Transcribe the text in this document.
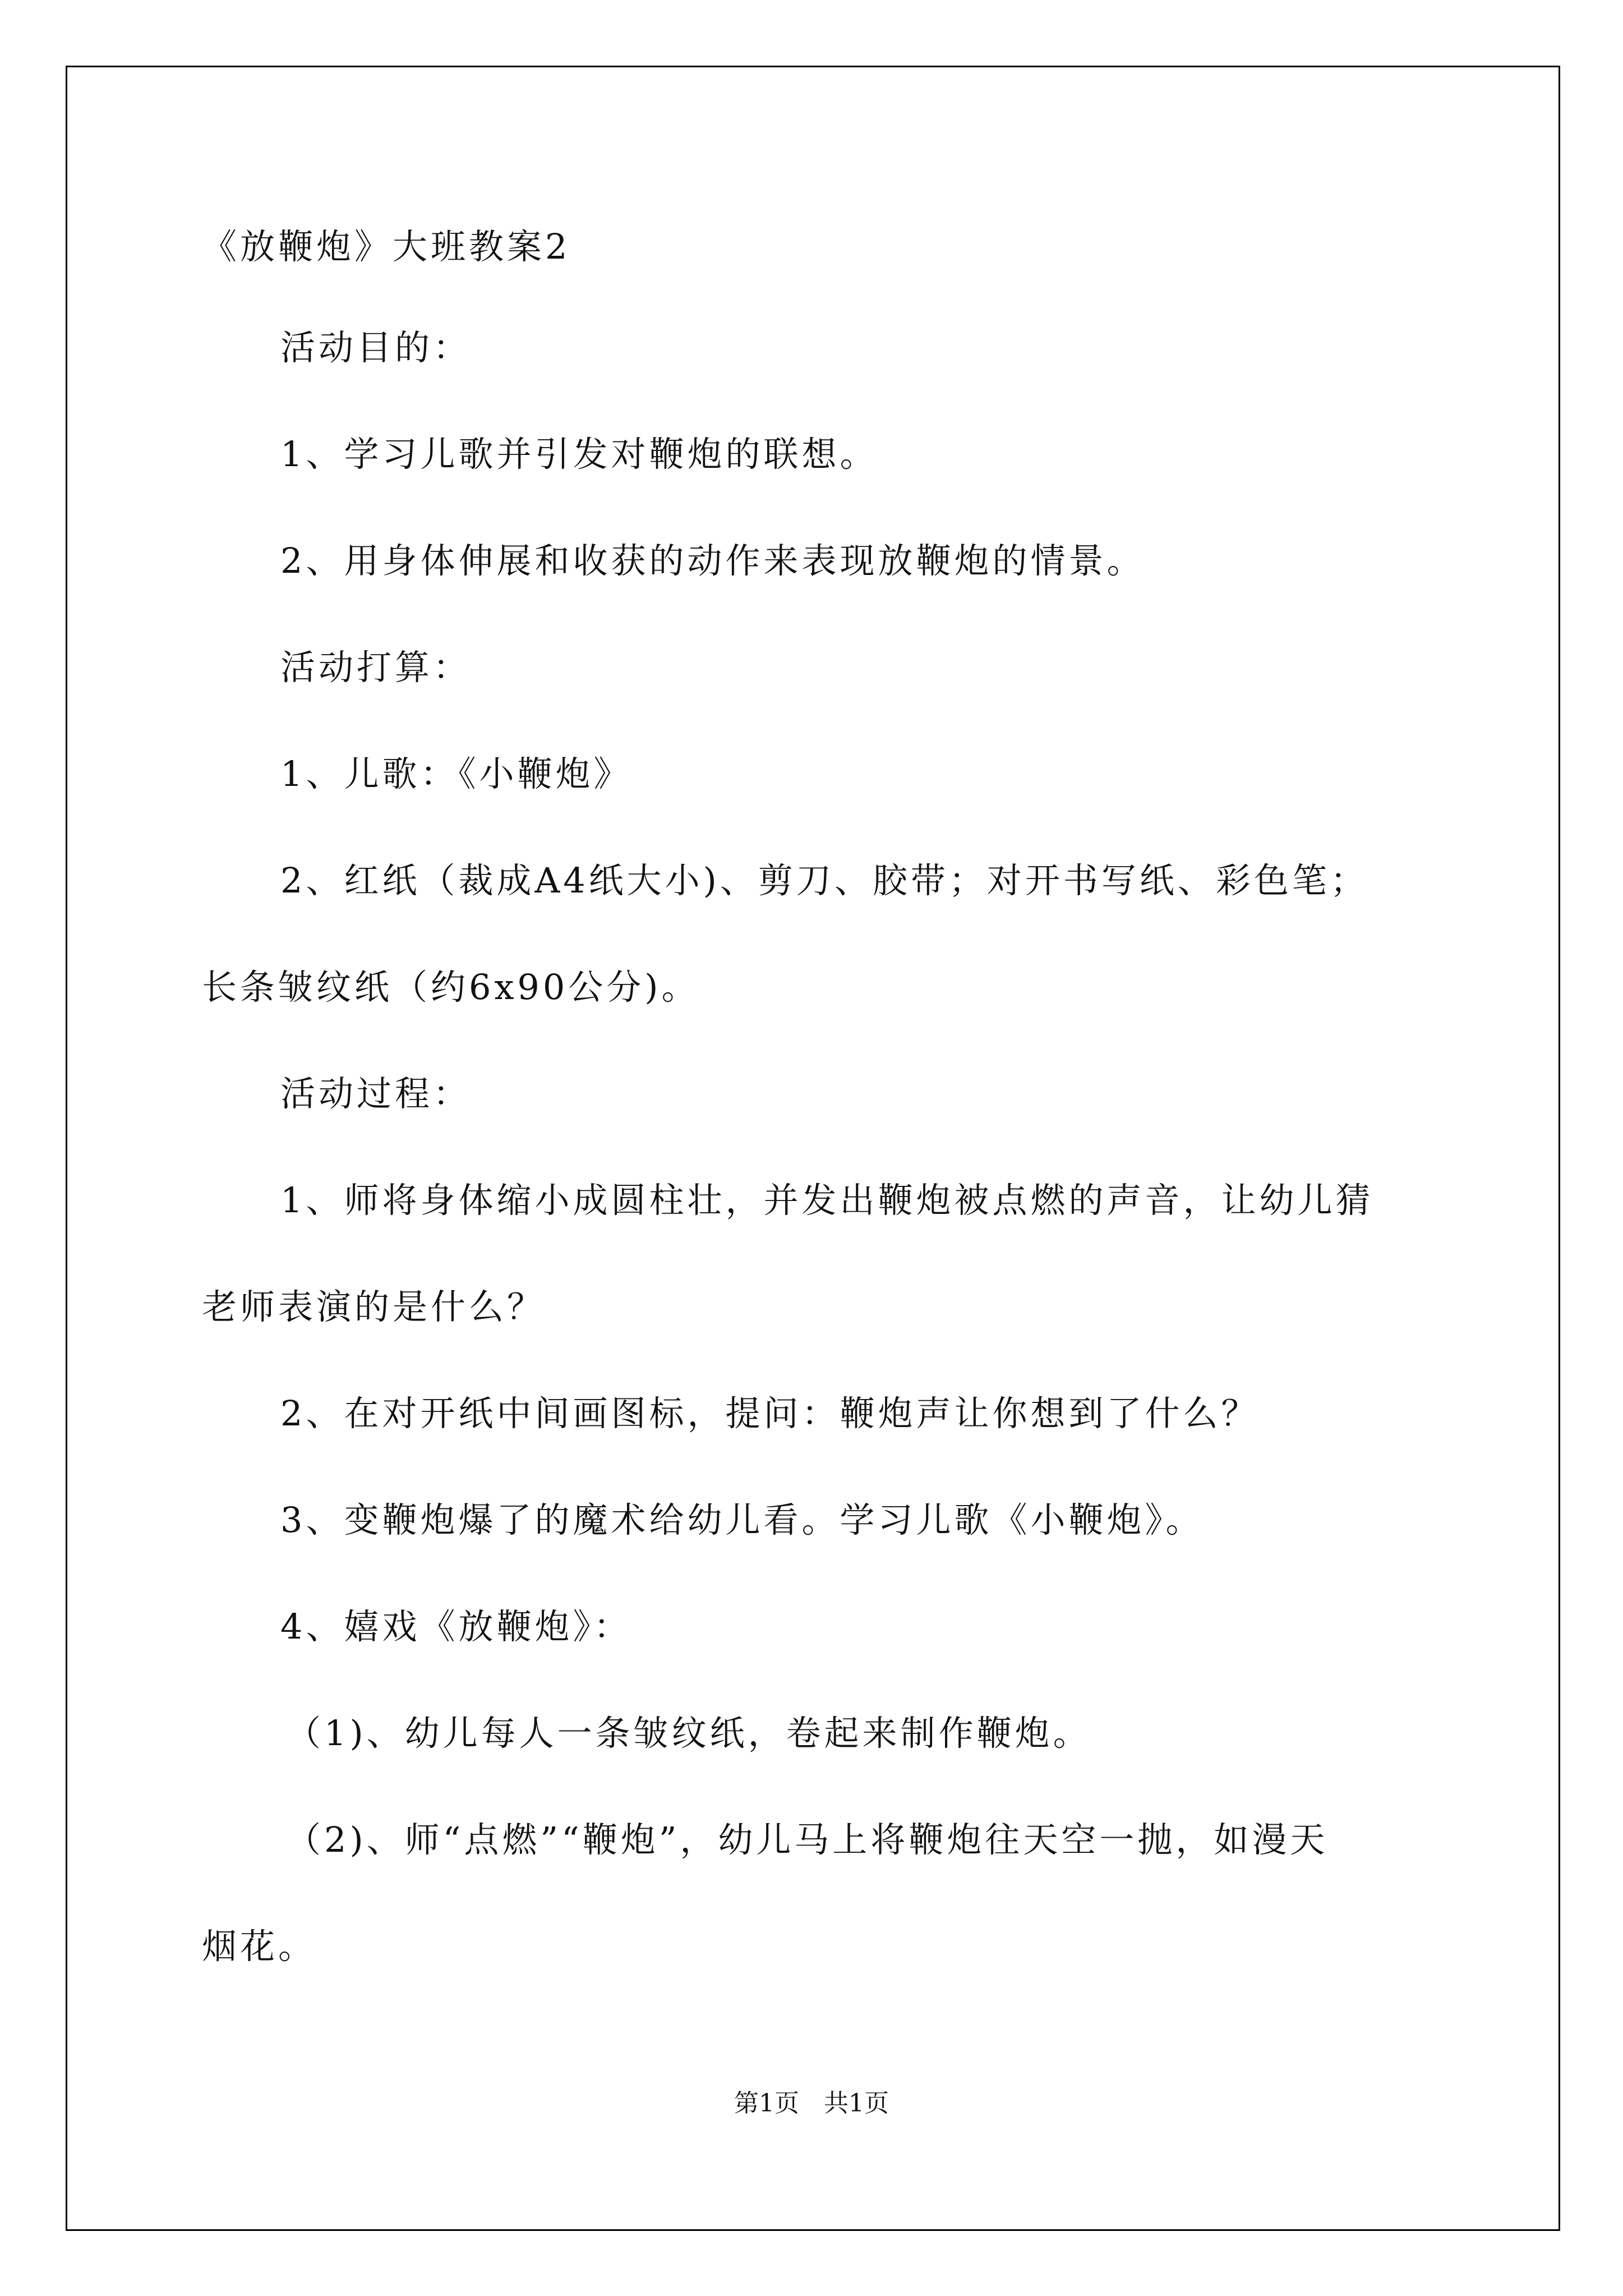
《放鞭炮》大班教案2
活动目的：
1、学习儿歌并引发对鞭炮的联想。
2、用身体伸展和收获的动作来表现放鞭炮的情景。
活动打算：
1、儿歌：《小鞭炮》
2、红纸（裁成A4纸大小)、剪刀、胶带；对开书写纸、彩色笔；
长条皱纹纸（约6x90公分)。
活动过程：
1、师将身体缩小成圆柱壮，并发出鞭炮被点燃的声音，让幼儿猜
老师表演的是什么？
2、在对开纸中间画图标，提问：鞭炮声让你想到了什么？
3、变鞭炮爆了的魔术给幼儿看。学习儿歌《小鞭炮》。
4、嬉戏《放鞭炮》：
（1)、幼儿每人一条皱纹纸，卷起来制作鞭炮。
（2)、师“点燃”“鞭炮”，幼儿马上将鞭炮往天空一抛，如漫天
烟花。
第1页　共1页
